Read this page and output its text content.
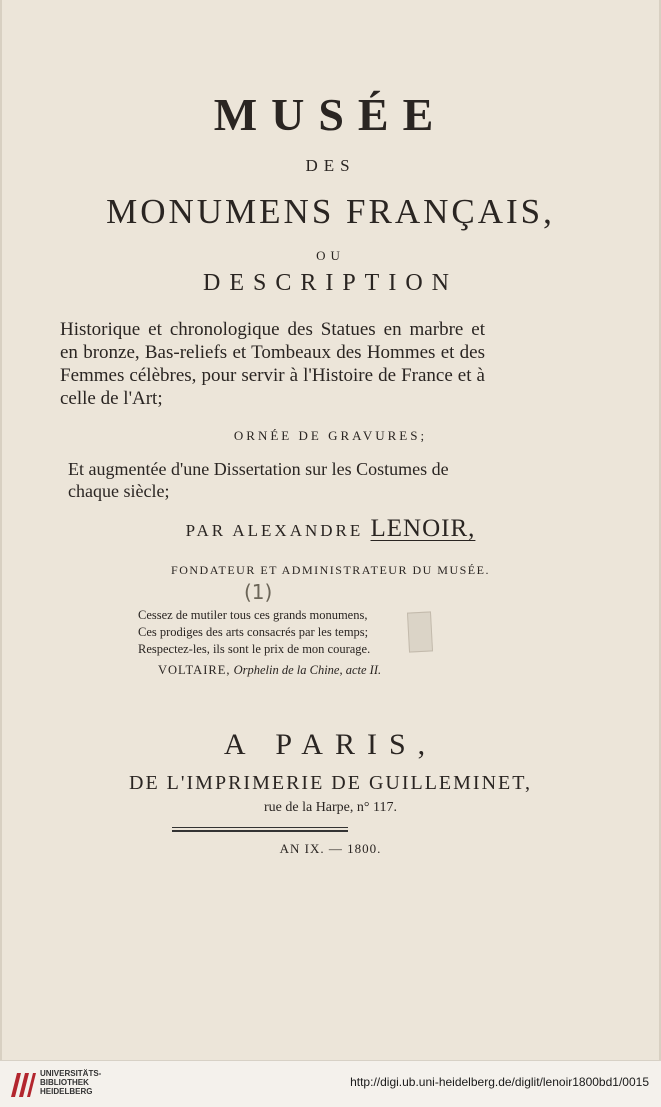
MUSÉE
DES
MONUMENS FRANÇAIS,
OU
DESCRIPTION
Historique et chronologique des Statues en marbre et en bronze, Bas-reliefs et Tombeaux des Hommes et des Femmes célèbres, pour servir à l'Histoire de France et à celle de l'Art;
ORNÉE DE GRAVURES;
Et augmentée d'une Dissertation sur les Costumes de
chaque siècle;
PAR ALEXANDRE LENOIR,
FONDATEUR ET ADMINISTRATEUR DU MUSÉE.
(1)
Cessez de mutiler tous ces grands monumens,
Ces prodiges des arts consacrés par les temps;
Respectez-les, ils sont le prix de mon courage.
VOLTAIRE, Orphelin de la Chine, acte II.
A PARIS,
DE L'IMPRIMERIE DE GUILLEMINET,
rue de la Harpe, n° 117.
AN IX. — 1800.
UNIVERSITÄTS-
BIBLIOTHEK
HEIDELBERG
http://digi.ub.uni-heidelberg.de/diglit/lenoir1800bd1/0015
